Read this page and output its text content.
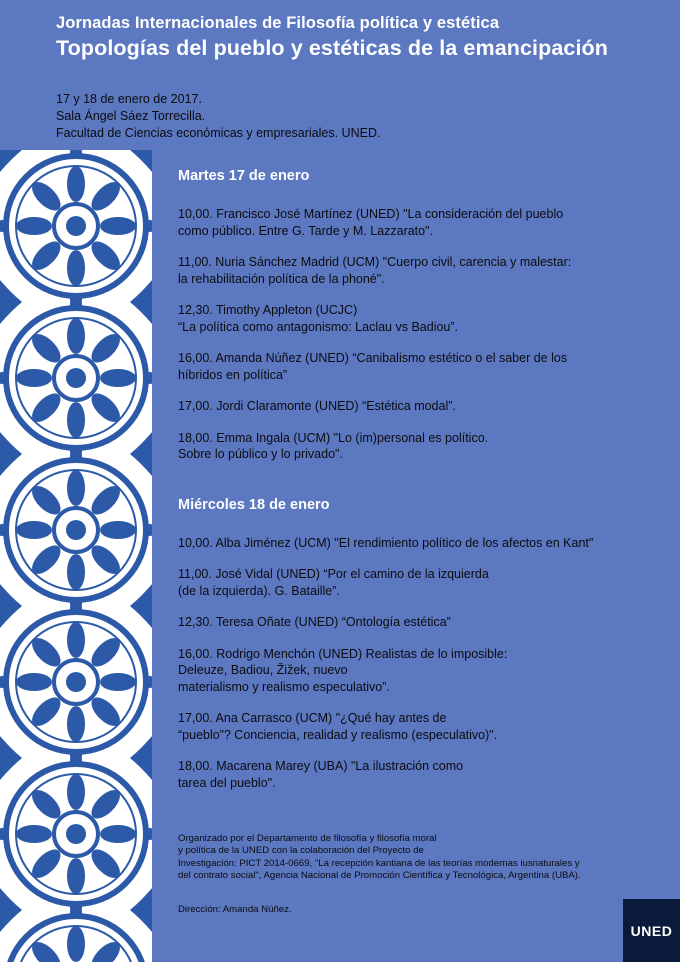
Jornadas Internacionales de Filosofía política y estética
Topologías del pueblo y estéticas de la emancipación
17 y 18 de enero de 2017.
Sala Ángel Sáez Torrecilla.
Facultad de Ciencias económicas y empresariales. UNED.
Martes 17 de enero
10,00. Francisco José Martínez (UNED) "La consideración del pueblo
como público. Entre G. Tarde y M. Lazzarato".
11,00. Nuria Sánchez Madrid (UCM) "Cuerpo civil, carencia y malestar:
la rehabilitación política de la phoné".
12,30. Timothy Appleton (UCJC)
“La política como antagonismo: Laclau vs Badiou”.
16,00. Amanda Núñez (UNED) “Canibalismo estético o el saber de los
híbridos en política”
17,00. Jordi Claramonte (UNED) “Estética modal”.
18,00. Emma Ingala (UCM) "Lo (im)personal es político.
Sobre lo público y lo privado".
Miércoles 18 de enero
10,00. Alba Jiménez (UCM) "El rendimiento político de los afectos en Kant"
11,00. José Vidal (UNED) “Por el camino de la izquierda
(de la izquierda). G. Bataille”.
12,30. Teresa Oñate (UNED) “Ontología estética”
16,00. Rodrigo Menchón (UNED) Realistas de lo imposible:
Deleuze, Badiou, Žižek, nuevo
materialismo y realismo especulativo”.
17,00. Ana Carrasco (UCM) "¿Qué hay antes de
“pueblo”? Conciencia, realidad y realismo (especulativo)".
18,00. Macarena Marey (UBA) "La ilustración como
tarea del pueblo".
Organizado por el Departamento de filosofía y filosofía moral
y política de la UNED con la colaboración del Proyecto de
Investigación: PICT 2014-0669, "La recepción kantiana de las teorías modernas iusnaturales y
del contrato social", Agencia Nacional de Promoción Científica y Tecnológica, Argentina (UBA).
Dirección: Amanda Núñez.
UNED
